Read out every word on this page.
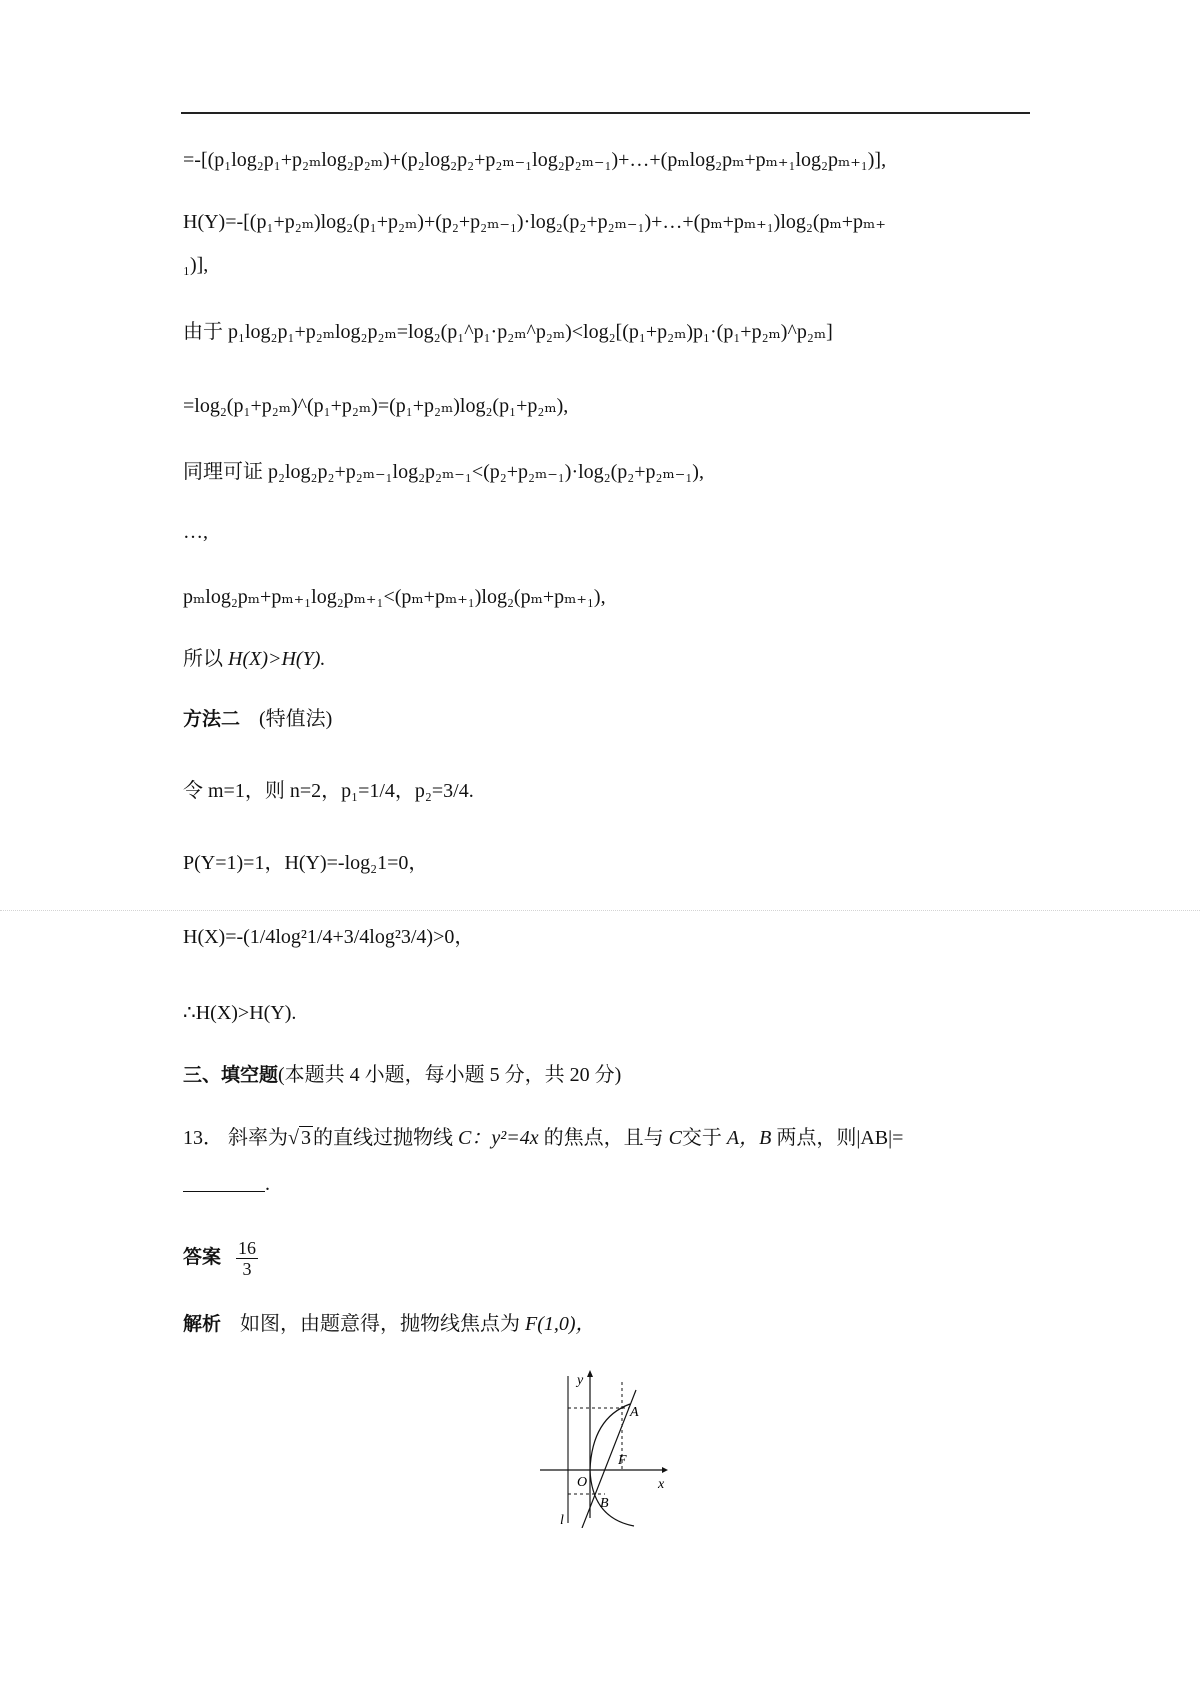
=-[(p₁log₂p₁+p₂ₘlog₂p₂ₘ)+(p₂log₂p₂+p₂ₘ₋₁log₂p₂ₘ₋₁)+…+(pₘlog₂pₘ+pₘ₊₁log₂pₘ₊₁)],
H(Y)=-[(p₁+p₂ₘ)log₂(p₁+p₂ₘ)+(p₂+p₂ₘ₋₁)·log₂(p₂+p₂ₘ₋₁)+…+(pₘ+pₘ₊₁)log₂(pₘ+pₘ₊
₁)],
由于 p₁log₂p₁+p₂ₘlog₂p₂ₘ=log₂(p₁^p₁·p₂ₘ^p₂ₘ)<log₂[(p₁+p₂ₘ)p₁·(p₁+p₂ₘ)^p₂ₘ]
=log₂(p₁+p₂ₘ)^(p₁+p₂ₘ)=(p₁+p₂ₘ)log₂(p₁+p₂ₘ),
同理可证 p₂log₂p₂+p₂ₘ₋₁log₂p₂ₘ₋₁<(p₂+p₂ₘ₋₁)·log₂(p₂+p₂ₘ₋₁),
…,
pₘlog₂pₘ+pₘ₊₁log₂pₘ₊₁<(pₘ+pₘ₊₁)log₂(pₘ+pₘ₊₁),
所以 H(X)>H(Y).
方法二 (特值法)
令 m=1，则 n=2，p₁=1/4，p₂=3/4.
P(Y=1)=1，H(Y)=-log₂1=0，
H(X)=-(1/4log²1/4+3/4log²3/4)>0，
∴H(X)>H(Y).
三、填空题(本题共 4 小题，每小题 5 分，共 20 分)
13． 斜率为√ 3 的直线过抛物线 C：y²=4x 的焦点，且与 C交于 A，B 两点，则|AB|=
.
答案 $\frac{16}{3}$
解析 如图，由题意得，抛物线焦点为 F(1,0)，
y
x
O
A
F
B
l
